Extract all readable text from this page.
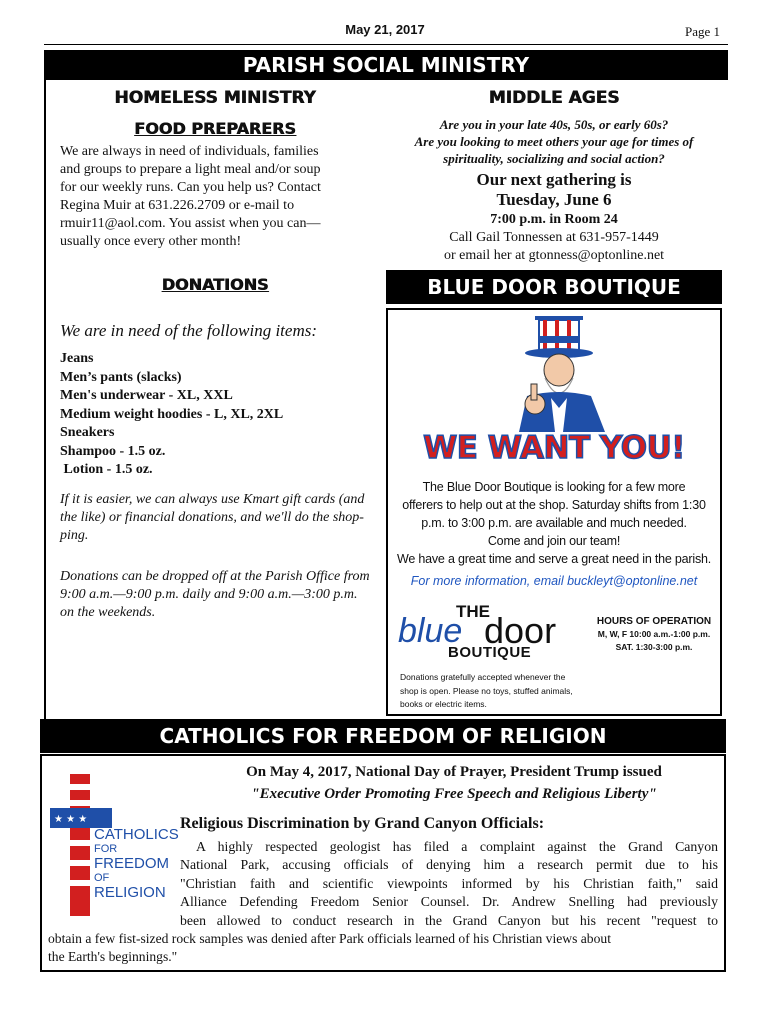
May 21, 2017	Page 1
PARISH SOCIAL MINISTRY
HOMELESS MINISTRY
FOOD PREPARERS
We are always in need of individuals, families
and groups to prepare a light meal and/or soup
for our weekly runs. Can you help us? Contact
Regina Muir at 631.226.2709 or e-mail to
rmuir11@aol.com. You assist when you can—
usually once every other month!
DONATIONS
We are in need of the following items:
Jeans
Men’s pants (slacks)
Men's underwear - XL, XXL
Medium weight hoodies - L, XL, 2XL
Sneakers
Shampoo - 1.5 oz.
Lotion - 1.5 oz.
If it is easier, we can always use Kmart gift cards (and
the like) or financial donations, and we'll do the shop-
ping.
Donations can be dropped off at the Parish Office from
9:00 a.m.—9:00 p.m. daily and 9:00 a.m.—3:00 p.m.
on the weekends.
MIDDLE AGES
Are you in your late 40s, 50s, or early 60s?
Are you looking to meet others your age for times of
spirituality, socializing and social action?
Our next gathering is
Tuesday, June 6
7:00 p.m. in Room 24
Call Gail Tonnessen at 631-957-1449
or email her at gtonness@optonline.net
BLUE DOOR BOUTIQUE
WE WANT YOU!
The Blue Door Boutique is looking for a few more
offerers to help out at the shop. Saturday shifts from 1:30
p.m. to 3:00 p.m. are available and much needed.
Come and join our team!
We have a great time and serve a great need in the parish.
For more information, email buckleyt@optonline.net
THE
blue door
BOUTIQUE
HOURS OF OPERATION
M, W, F 10:00 a.m.-1:00 p.m.
SAT. 1:30-3:00 p.m.
Donations gratefully accepted whenever the
shop is open. Please no toys, stuffed animals,
books or electric items.
CATHOLICS FOR FREEDOM OF RELIGION
★ ★ ★
CATHOLICS
FOR
FREEDOM
OF
RELIGION
On May 4, 2017, National Day of Prayer, President Trump issued
"Executive Order Promoting Free Speech and Religious Liberty"
Religious Discrimination by Grand Canyon Officials:
A highly respected geologist has filed a complaint against the Grand Canyon
National Park, accusing officials of denying him a research permit due to his
"Christian faith and scientific viewpoints informed by his Christian faith," said
Alliance Defending Freedom Senior Counsel. Dr. Andrew Snelling had previously
been allowed to conduct research in the Grand Canyon but his recent "request to
obtain a few fist-sized rock samples was denied after Park officials learned of his Christian views about
the Earth's beginnings."
